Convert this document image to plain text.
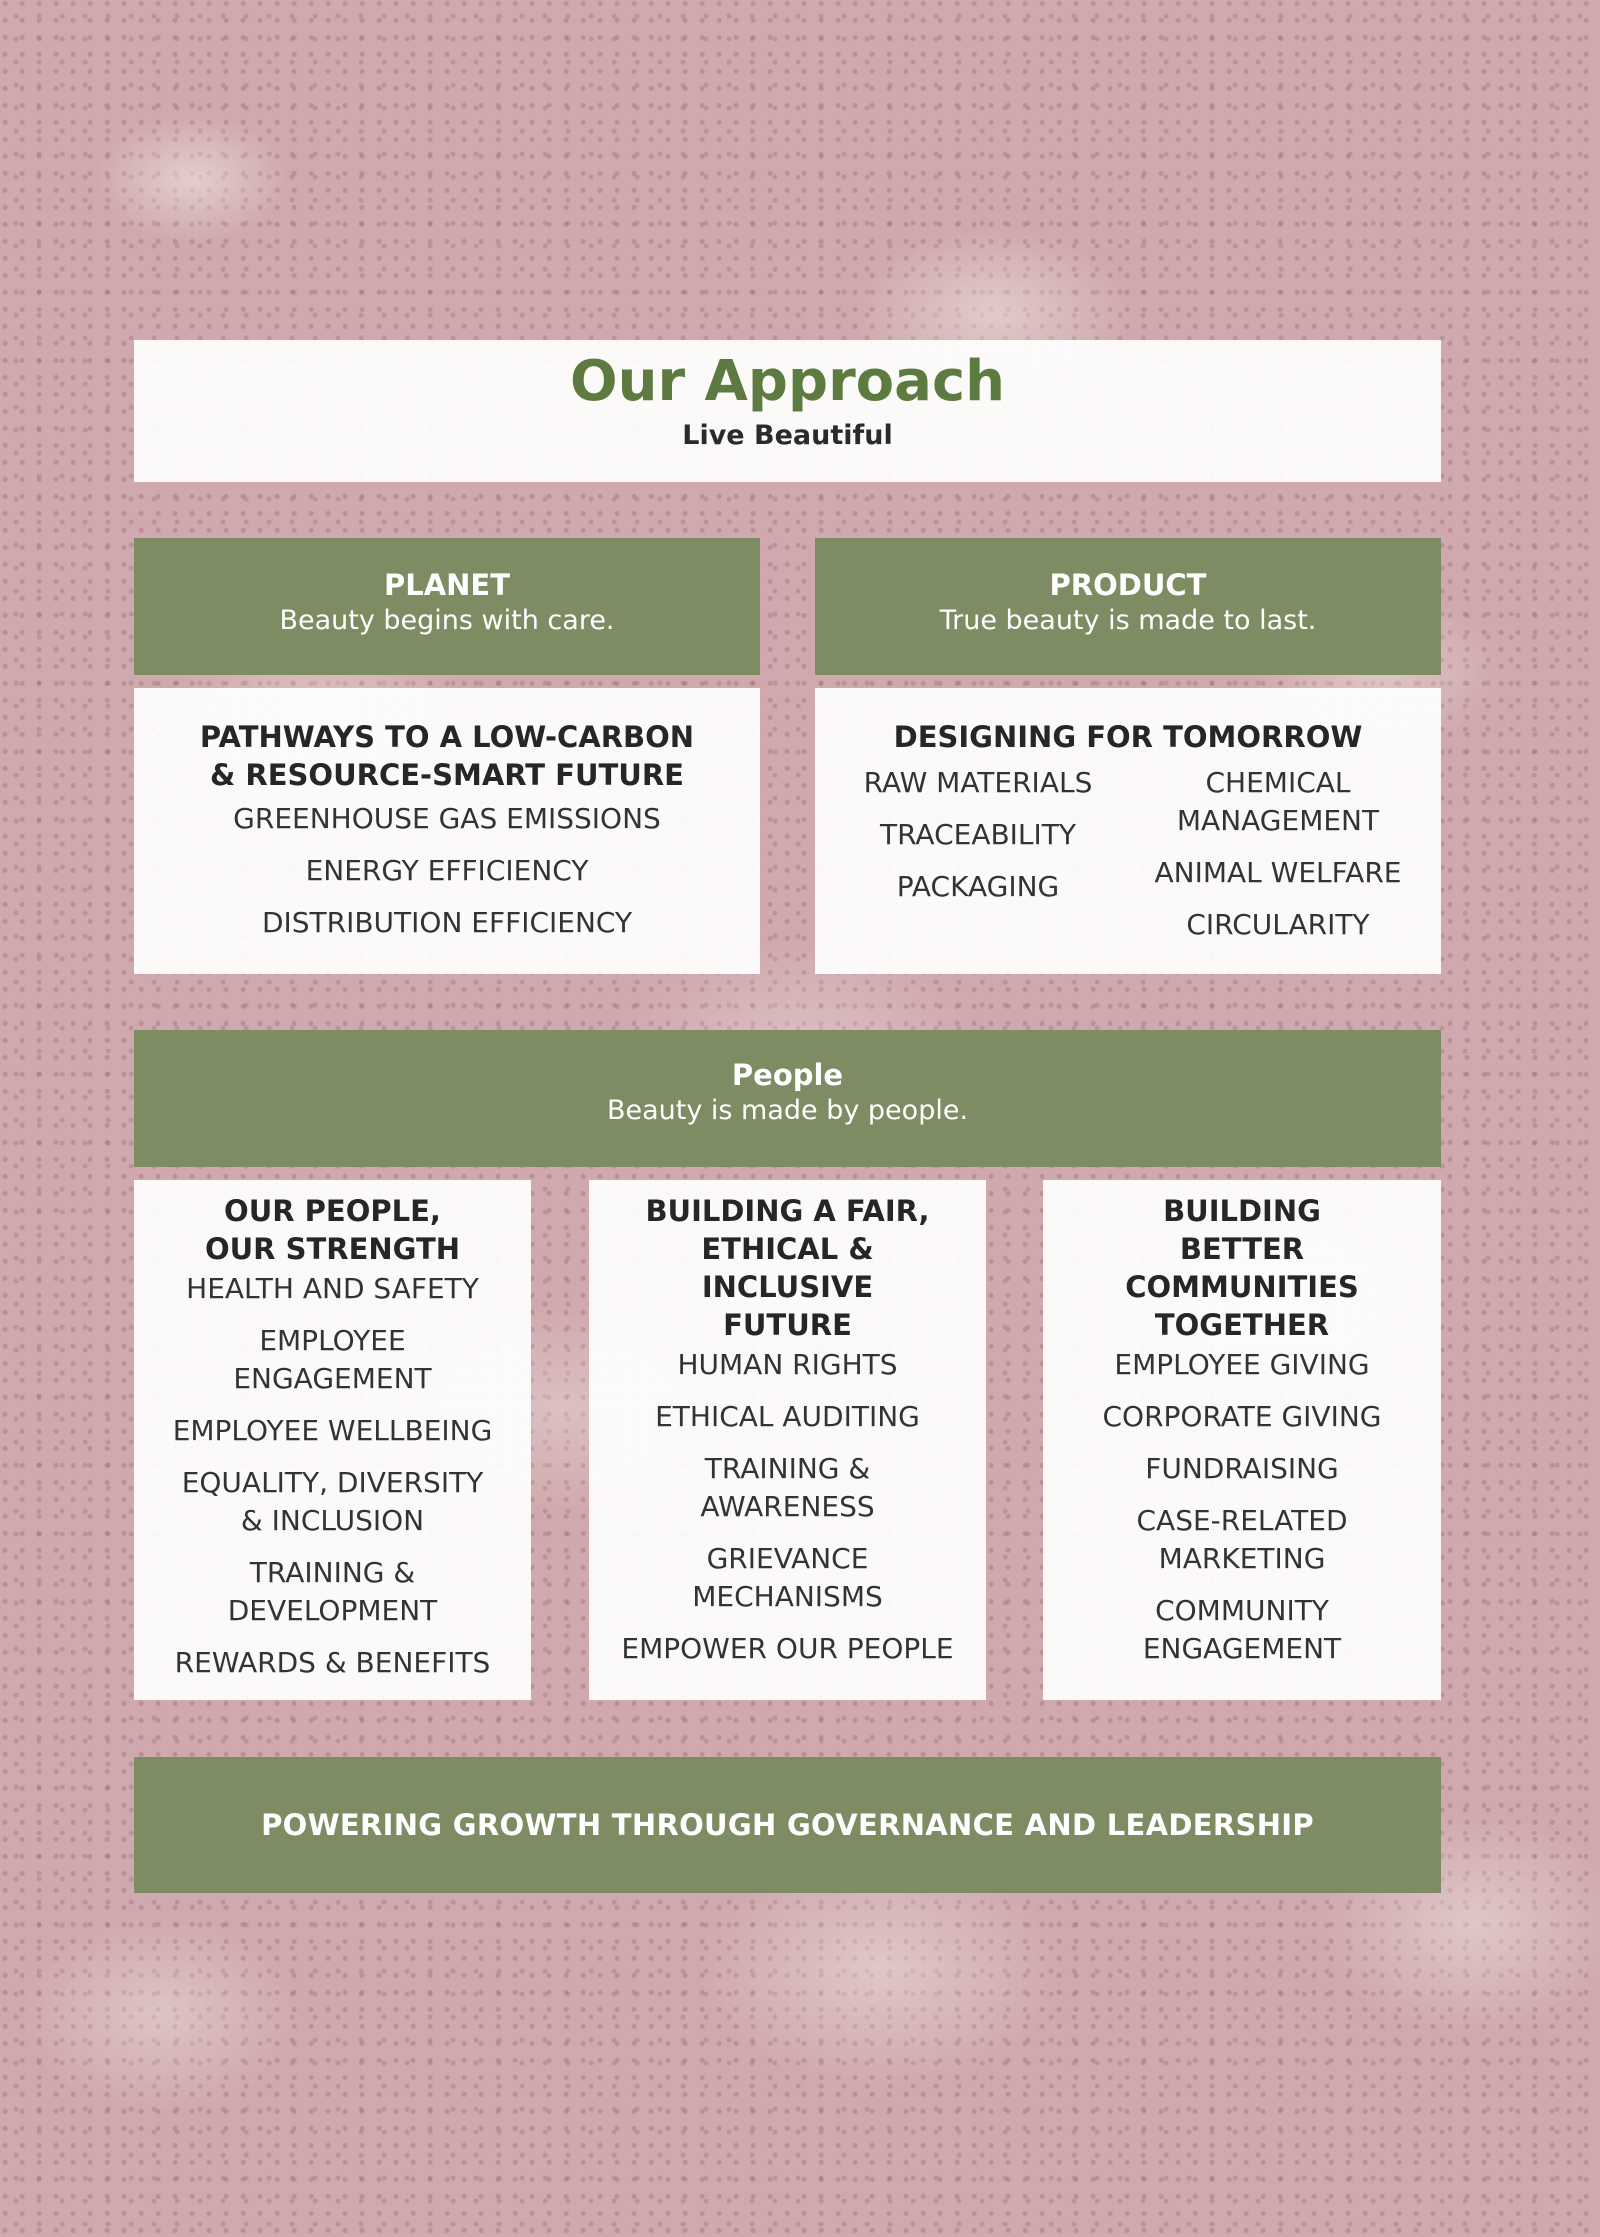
Our Approach
Live Beautiful
PLANET
Beauty begins with care.
PRODUCT
True beauty is made to last.
PATHWAYS TO A LOW-CARBON
& RESOURCE-SMART FUTURE
GREENHOUSE GAS EMISSIONS
ENERGY EFFICIENCY
DISTRIBUTION EFFICIENCY
DESIGNING FOR TOMORROW
RAW MATERIALS
TRACEABILITY
PACKAGING
CHEMICAL MANAGEMENT
ANIMAL WELFARE
CIRCULARITY
People
Beauty is made by people.
OUR PEOPLE, OUR STRENGTH
HEALTH AND SAFETY
EMPLOYEE ENGAGEMENT
EMPLOYEE WELLBEING
EQUALITY, DIVERSITY & INCLUSION
TRAINING & DEVELOPMENT
REWARDS & BENEFITS
BUILDING A FAIR, ETHICAL & INCLUSIVE FUTURE
HUMAN RIGHTS
ETHICAL AUDITING
TRAINING & AWARENESS
GRIEVANCE MECHANISMS
EMPOWER OUR PEOPLE
BUILDING BETTER COMMUNITIES TOGETHER
EMPLOYEE GIVING
CORPORATE GIVING
FUNDRAISING
CASE-RELATED MARKETING
COMMUNITY ENGAGEMENT
POWERING GROWTH THROUGH GOVERNANCE AND LEADERSHIP
